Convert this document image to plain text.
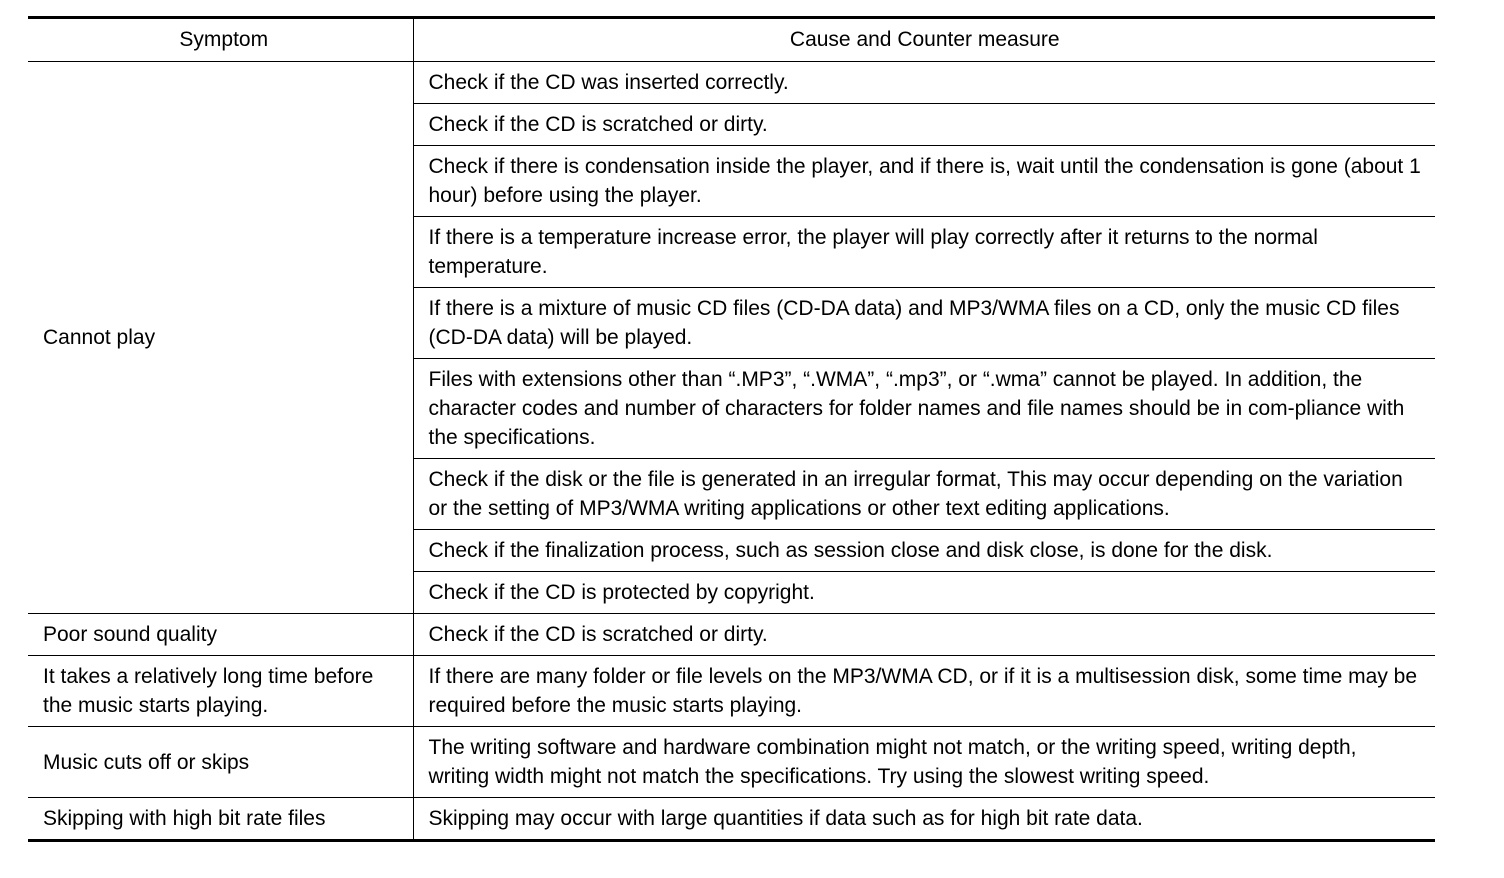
Symptom	Cause and Counter measure
Cannot play	Check if the CD was inserted correctly.
	Check if the CD is scratched or dirty.
	Check if there is condensation inside the player, and if there is, wait until the condensation is gone (about 1 hour) before using the player.
	If there is a temperature increase error, the player will play correctly after it returns to the normal temperature.
	If there is a mixture of music CD files (CD-DA data) and MP3/WMA files on a CD, only the music CD files (CD-DA data) will be played.
	Files with extensions other than “.MP3”, “.WMA”, “.mp3”, or “.wma” cannot be played. In addition, the character codes and number of characters for folder names and file names should be in com-pliance with the specifications.
	Check if the disk or the file is generated in an irregular format, This may occur depending on the variation or the setting of MP3/WMA writing applications or other text editing applications.
	Check if the finalization process, such as session close and disk close, is done for the disk.
	Check if the CD is protected by copyright.
Poor sound quality	Check if the CD is scratched or dirty.
It takes a relatively long time before the music starts playing.	If there are many folder or file levels on the MP3/WMA CD, or if it is a multisession disk, some time may be required before the music starts playing.
Music cuts off or skips	The writing software and hardware combination might not match, or the writing speed, writing depth, writing width might not match the specifications. Try using the slowest writing speed.
Skipping with high bit rate files	Skipping may occur with large quantities if data such as for high bit rate data.
